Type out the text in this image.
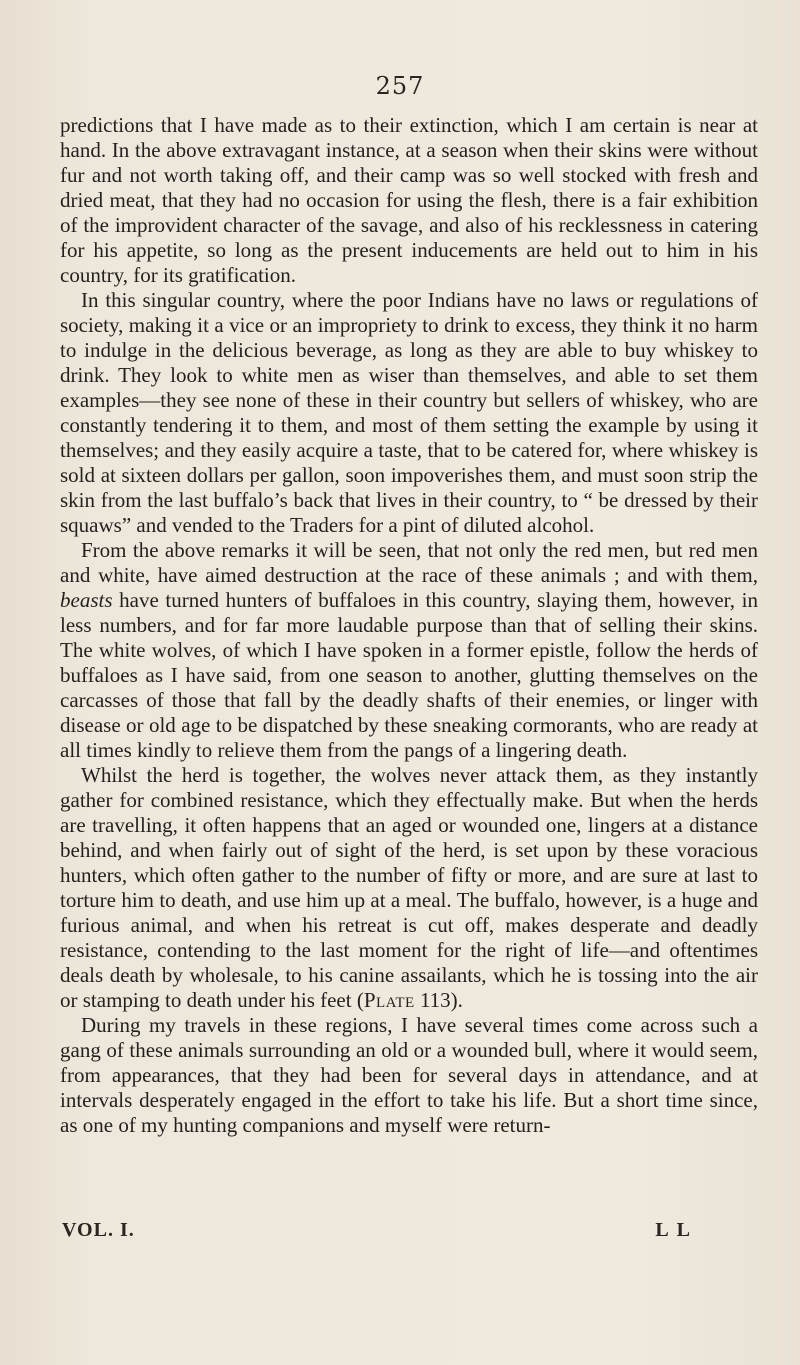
257

predictions that I have made as to their extinction, which I am certain is near at hand. In the above extravagant instance, at a season when their skins were without fur and not worth taking off, and their camp was so well stocked with fresh and dried meat, that they had no occasion for using the flesh, there is a fair exhibition of the improvident character of the savage, and also of his recklessness in catering for his appetite, so long as the present inducements are held out to him in his country, for its gratification.

In this singular country, where the poor Indians have no laws or regulations of society, making it a vice or an impropriety to drink to excess, they think it no harm to indulge in the delicious beverage, as long as they are able to buy whiskey to drink. They look to white men as wiser than themselves, and able to set them examples—they see none of these in their country but sellers of whiskey, who are constantly tendering it to them, and most of them setting the example by using it themselves; and they easily acquire a taste, that to be catered for, where whiskey is sold at sixteen dollars per gallon, soon impoverishes them, and must soon strip the skin from the last buffalo’s back that lives in their country, to “ be dressed by their squaws” and vended to the Traders for a pint of diluted alcohol.

From the above remarks it will be seen, that not only the red men, but red men and white, have aimed destruction at the race of these animals ; and with them, beasts have turned hunters of buffaloes in this country, slaying them, however, in less numbers, and for far more laudable purpose than that of selling their skins. The white wolves, of which I have spoken in a former epistle, follow the herds of buffaloes as I have said, from one season to another, glutting themselves on the carcasses of those that fall by the deadly shafts of their enemies, or linger with disease or old age to be dispatched by these sneaking cormorants, who are ready at all times kindly to relieve them from the pangs of a lingering death.

Whilst the herd is together, the wolves never attack them, as they instantly gather for combined resistance, which they effectually make. But when the herds are travelling, it often happens that an aged or wounded one, lingers at a distance behind, and when fairly out of sight of the herd, is set upon by these voracious hunters, which often gather to the number of fifty or more, and are sure at last to torture him to death, and use him up at a meal. The buffalo, however, is a huge and furious animal, and when his retreat is cut off, makes desperate and deadly resistance, contending to the last moment for the right of life—and oftentimes deals death by wholesale, to his canine assailants, which he is tossing into the air or stamping to death under his feet (Plate 113).

During my travels in these regions, I have several times come across such a gang of these animals surrounding an old or a wounded bull, where it would seem, from appearances, that they had been for several days in attendance, and at intervals desperately engaged in the effort to take his life. But a short time since, as one of my hunting companions and myself were return-

VOL. I.	L L
